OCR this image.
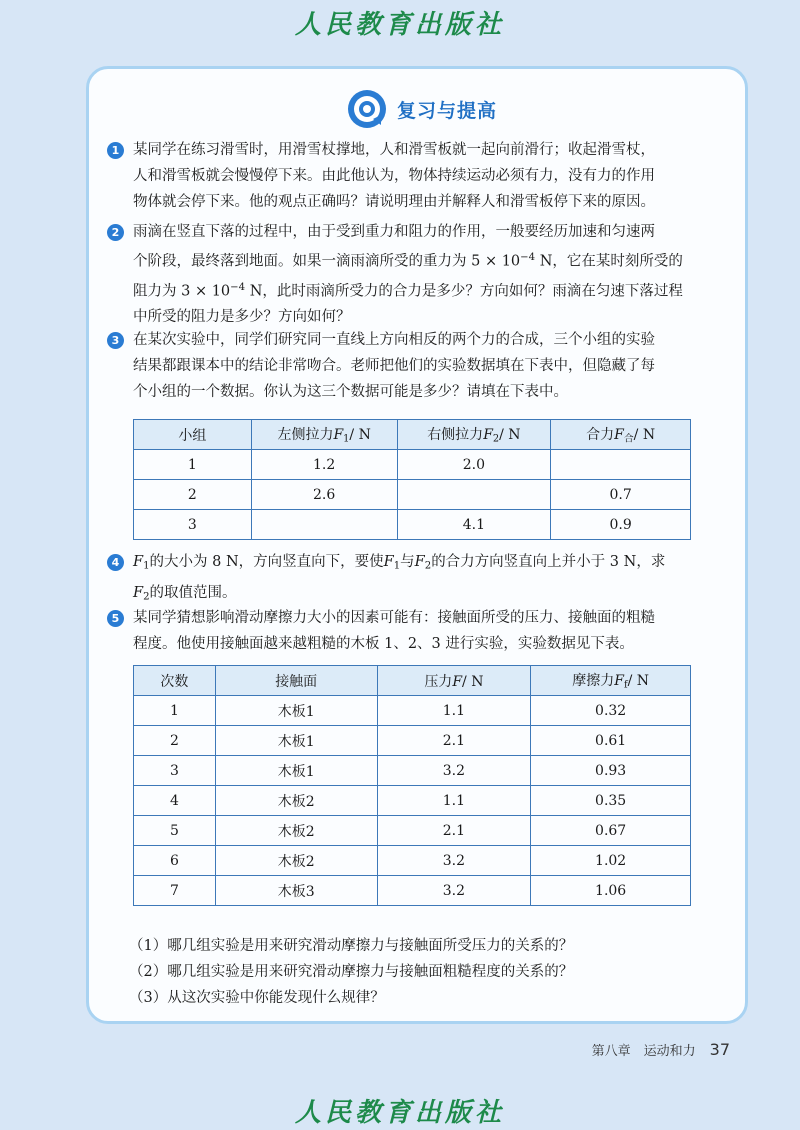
人民教育出版社
复习与提高
1 某同学在练习滑雪时，用滑雪杖撑地，人和滑雪板就一起向前滑行；收起滑雪杖，
人和滑雪板就会慢慢停下来。由此他认为，物体持续运动必须有力，没有力的作用
物体就会停下来。他的观点正确吗？请说明理由并解释人和滑雪板停下来的原因。
2 雨滴在竖直下落的过程中，由于受到重力和阻力的作用，一般要经历加速和匀速两
个阶段，最终落到地面。如果一滴雨滴所受的重力为 $5 \times 10^{-4}$ N，它在某时刻所受的
阻力为 $3 \times 10^{-4}$ N，此时雨滴所受力的合力是多少？方向如何？雨滴在匀速下落过程
中所受的阻力是多少？方向如何？
3 在某次实验中，同学们研究同一直线上方向相反的两个力的合成，三个小组的实验
结果都跟课本中的结论非常吻合。老师把他们的实验数据填在下表中，但隐藏了每
个小组的一个数据。你认为这三个数据可能是多少？请填在下表中。
小组	左侧拉力$F_1/$ N	右侧拉力$F_2/$ N	合力$F_合/$ N
1	1.2	2.0	
2	2.6		0.7
3		4.1	0.9
4 $F_1$的大小为 8 N，方向竖直向下，要使$F_1$与$F_2$的合力方向竖直向上并小于 3 N，求
$F_2$的取值范围。
5 某同学猜想影响滑动摩擦力大小的因素可能有：接触面所受的压力、接触面的粗糙
程度。他使用接触面越来越粗糙的木板 1、2、3 进行实验，实验数据见下表。
次数	接触面	压力F/ N	摩擦力$F_f/$ N
1	木板1	1.1	0.32
2	木板1	2.1	0.61
3	木板1	3.2	0.93
4	木板2	1.1	0.35
5	木板2	2.1	0.67
6	木板2	3.2	1.02
7	木板3	3.2	1.06
（1）哪几组实验是用来研究滑动摩擦力与接触面所受压力的关系的？
（2）哪几组实验是用来研究滑动摩擦力与接触面粗糙程度的关系的？
（3）从这次实验中你能发现什么规律？
第八章　运动和力 37
人民教育出版社
